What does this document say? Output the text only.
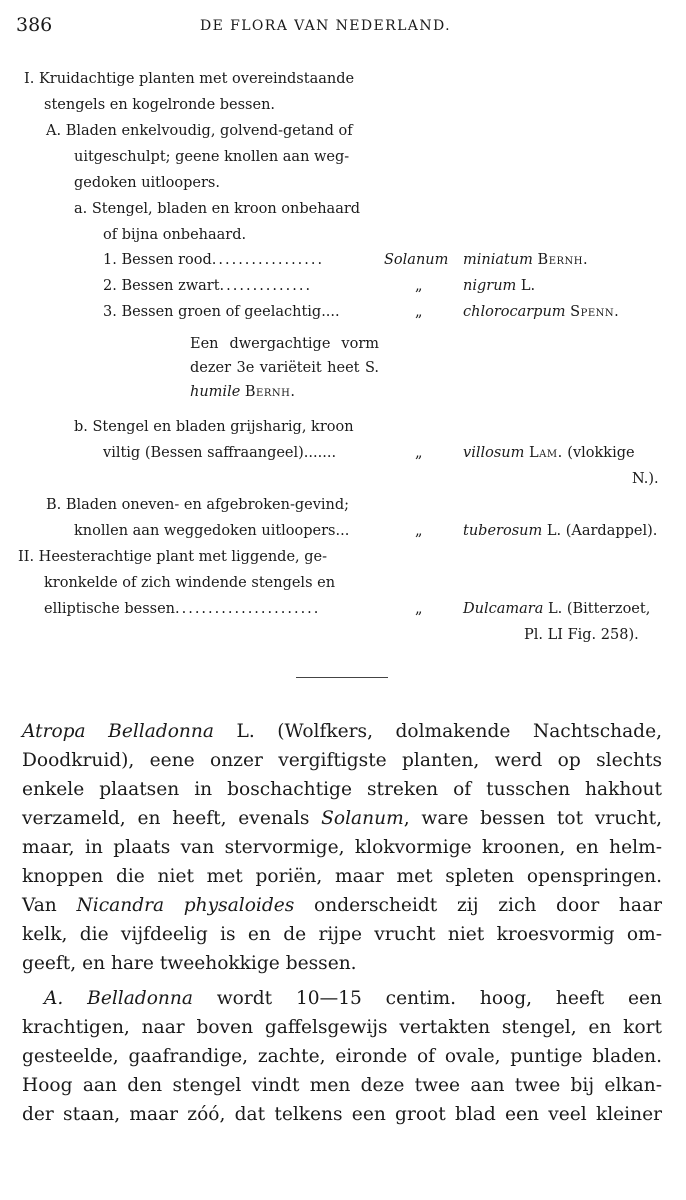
386	DE FLORA VAN NEDERLAND.
I. Kruidachtige planten met overeindstaande
stengels en kogelronde bessen.
A. Bladen enkelvoudig, golvend-getand of
uitgeschulpt; geene knollen aan weg-
gedoken uitloopers.
a. Stengel, bladen en kroon onbehaard
of bijna onbehaard.
1. Bessen rood.................	Solanum miniatum Bernh.
2. Bessen zwart..............	„	nigrum L.
3. Bessen groen of geelachtig....	„	chlorocarpum Spenn.
Een dwergachtige vorm
dezer 3e variëteit heet S.
humile Bernh.
b. Stengel en bladen grijsharig, kroon
viltig (Bessen saffraangeel).......	„	villosum Lam. (vlokkige
N.).
B. Bladen oneven- en afgebroken-gevind;
knollen aan weggedoken uitloopers...	„	tuberosum L. (Aardappel).
II. Heesterachtige plant met liggende, ge-
kronkelde of zich windende stengels en
elliptische bessen......................	„	Dulcamara L. (Bitterzoet,
Pl. LI Fig. 258).
Atropa Belladonna L. (Wolfkers, dolmakende Nachtschade,
Doodkruid), eene onzer vergiftigste planten, werd op slechts
enkele plaatsen in boschachtige streken of tusschen hakhout
verzameld, en heeft, evenals Solanum, ware bessen tot vrucht,
maar, in plaats van stervormige, klokvormige kroonen, en helm-
knoppen die niet met poriën, maar met spleten openspringen.
Van Nicandra physaloides onderscheidt zij zich door haar
kelk, die vijfdeelig is en de rijpe vrucht niet kroesvormig om-
geeft, en hare tweehokkige bessen.
A. Belladonna wordt 10—15 centim. hoog, heeft een
krachtigen, naar boven gaffelsgewijs vertakten stengel, en kort
gesteelde, gaafrandige, zachte, eironde of ovale, puntige bladen.
Hoog aan den stengel vindt men deze twee aan twee bij elkan-
der staan, maar zóó, dat telkens een groot blad een veel kleiner
